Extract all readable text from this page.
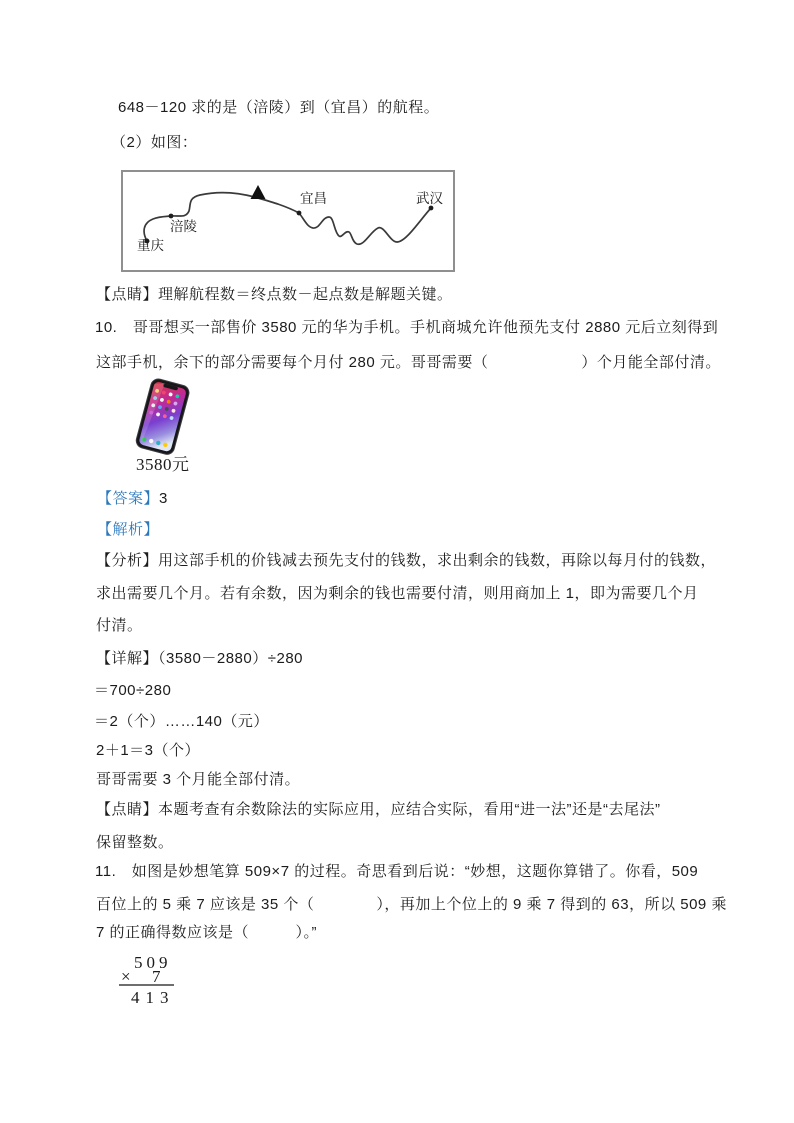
648－120 求的是（涪陵）到（宜昌）的航程。
（2）如图：
重庆
涪陵
宜昌	武汉
【点睛】理解航程数＝终点数－起点数是解题关键。
10.　哥哥想买一部售价 3580 元的华为手机。手机商城允许他预先支付 2880 元后立刻得到
这部手机，余下的部分需要每个月付 280 元。哥哥需要（　　　　　　）个月能全部付清。
3580元
【答案】3
【解析】
【分析】用这部手机的价钱减去预先支付的钱数，求出剩余的钱数，再除以每月付的钱数，
求出需要几个月。若有余数，因为剩余的钱也需要付清，则用商加上 1，即为需要几个月
付清。
【详解】（3580－2880）÷280
＝700÷280
＝2（个）……140（元）
2＋1＝3（个）
哥哥需要 3 个月能全部付清。
【点睛】本题考查有余数除法的实际应用，应结合实际，看用“进一法”还是“去尾法”
保留整数。
11.　如图是妙想笔算 509×7 的过程。奇思看到后说：“妙想，这题你算错了。你看，509
百位上的 5 乘 7 应该是 35 个（　　　　），再加上个位上的 9 乘 7 得到的 63，所以 509 乘
7 的正确得数应该是（　　　）。”
509
× 7
413
